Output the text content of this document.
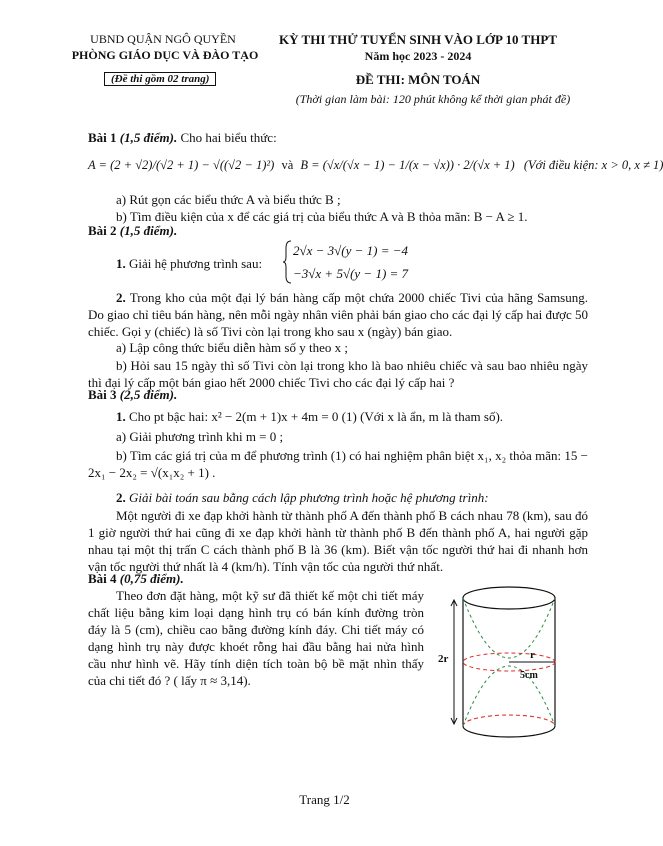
UBND QUẬN NGÔ QUYỀN
PHÒNG GIÁO DỤC VÀ ĐÀO TẠO
(Đề thi gồm 02 trang)
KỲ THI THỬ TUYỂN SINH VÀO LỚP 10 THPT
Năm học 2023 - 2024
ĐỀ THI: MÔN TOÁN
(Thời gian làm bài: 120 phút không kể thời gian phát đề)
Bài 1 (1,5 điểm). Cho hai biểu thức:
A = (2 + √2)/(√2 + 1) − √((√2 − 1)²) và B = (√x/(√x − 1) − 1/(x − √x)) · 2/(√x + 1) (Với điều kiện: x > 0, x ≠ 1)
a) Rút gọn các biểu thức A và biểu thức B ;
b) Tìm điều kiện của x để các giá trị của biểu thức A và B thỏa mãn: B − A ≥ 1.
Bài 2 (1,5 điểm).
1. Giải hệ phương trình sau:
2√x − 3√(y − 1) = −4
−3√x + 5√(y − 1) = 7
2. Trong kho của một đại lý bán hàng cấp một chứa 2000 chiếc Tivi của hãng Samsung. Do giao chỉ tiêu bán hàng, nên mỗi ngày nhân viên phải bán giao cho các đại lý cấp hai được 50 chiếc. Gọi y (chiếc) là số Tivi còn lại trong kho sau x (ngày) bán giao.
a) Lập công thức biểu diễn hàm số y theo x ;
b) Hỏi sau 15 ngày thì số Tivi còn lại trong kho là bao nhiêu chiếc và sau bao nhiêu ngày thì đại lý cấp một bán giao hết 2000 chiếc Tivi cho các đại lý cấp hai ?
Bài 3 (2,5 điểm).
1. Cho pt bậc hai: x² − 2(m + 1)x + 4m = 0 (1) (Với x là ẩn, m là tham số).
a) Giải phương trình khi m = 0 ;
b) Tìm các giá trị của m để phương trình (1) có hai nghiệm phân biệt x₁, x₂ thỏa mãn: 15 − 2x₁ − 2x₂ = √(x₁x₂ + 1) .
2. Giải bài toán sau bằng cách lập phương trình hoặc hệ phương trình:
Một người đi xe đạp khởi hành từ thành phố A đến thành phố B cách nhau 78 (km), sau đó 1 giờ người thứ hai cũng đi xe đạp khởi hành từ thành phố B đến thành phố A, hai người gặp nhau tại một thị trấn C cách thành phố B là 36 (km). Biết vận tốc người thứ hai đi nhanh hơn vận tốc người thứ nhất là 4 (km/h). Tính vận tốc của người thứ nhất.
Bài 4 (0,75 điểm).
Theo đơn đặt hàng, một kỹ sư đã thiết kế một chi tiết máy chất liệu bằng kim loại dạng hình trụ có bán kính đường tròn đáy là 5 (cm), chiều cao bằng đường kính đáy. Chi tiết máy có dạng hình trụ này được khoét rỗng hai đầu bằng hai nửa hình cầu như hình vẽ. Hãy tính diện tích toàn bộ bề mặt nhìn thấy của chi tiết đó ? ( lấy π ≈ 3,14).
2r	r
5cm
Trang 1/2
